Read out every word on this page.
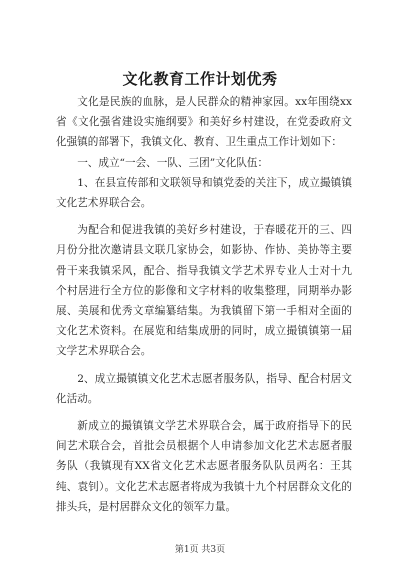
文化教育工作计划优秀

文化是民族的血脉，是人民群众的精神家园。xx年围绕xx省《文化强省建设实施纲要》和美好乡村建设，在党委政府文化强镇的部署下，我镇文化、教育、卫生重点工作计划如下：

一、成立“一会、一队、三团”文化队伍：

1、在县宣传部和文联领导和镇党委的关注下，成立撮镇镇文化艺术界联合会。

为配合和促进我镇的美好乡村建设，于春暖花开的三、四月份分批次邀请县文联几家协会，如影协、作协、美协等主要骨干来我镇采风，配合、指导我镇文学艺术界专业人士对十九个村居进行全方位的影像和文字材料的收集整理，同期举办影展、美展和优秀文章编纂结集。为我镇留下第一手相对全面的文化艺术资料。在展览和结集成册的同时，成立撮镇镇第一届文学艺术界联合会。

2、成立撮镇镇文化艺术志愿者服务队，指导、配合村居文化活动。

新成立的撮镇镇文学艺术界联合会，属于政府指导下的民间艺术联合会，首批会员根据个人申请参加文化艺术志愿者服务队（我镇现有XX省文化艺术志愿者服务队队员两名：王其纯、袁钊）。文化艺术志愿者将成为我镇十九个村居群众文化的排头兵，是村居群众文化的领军力量。

第1页 共3页
